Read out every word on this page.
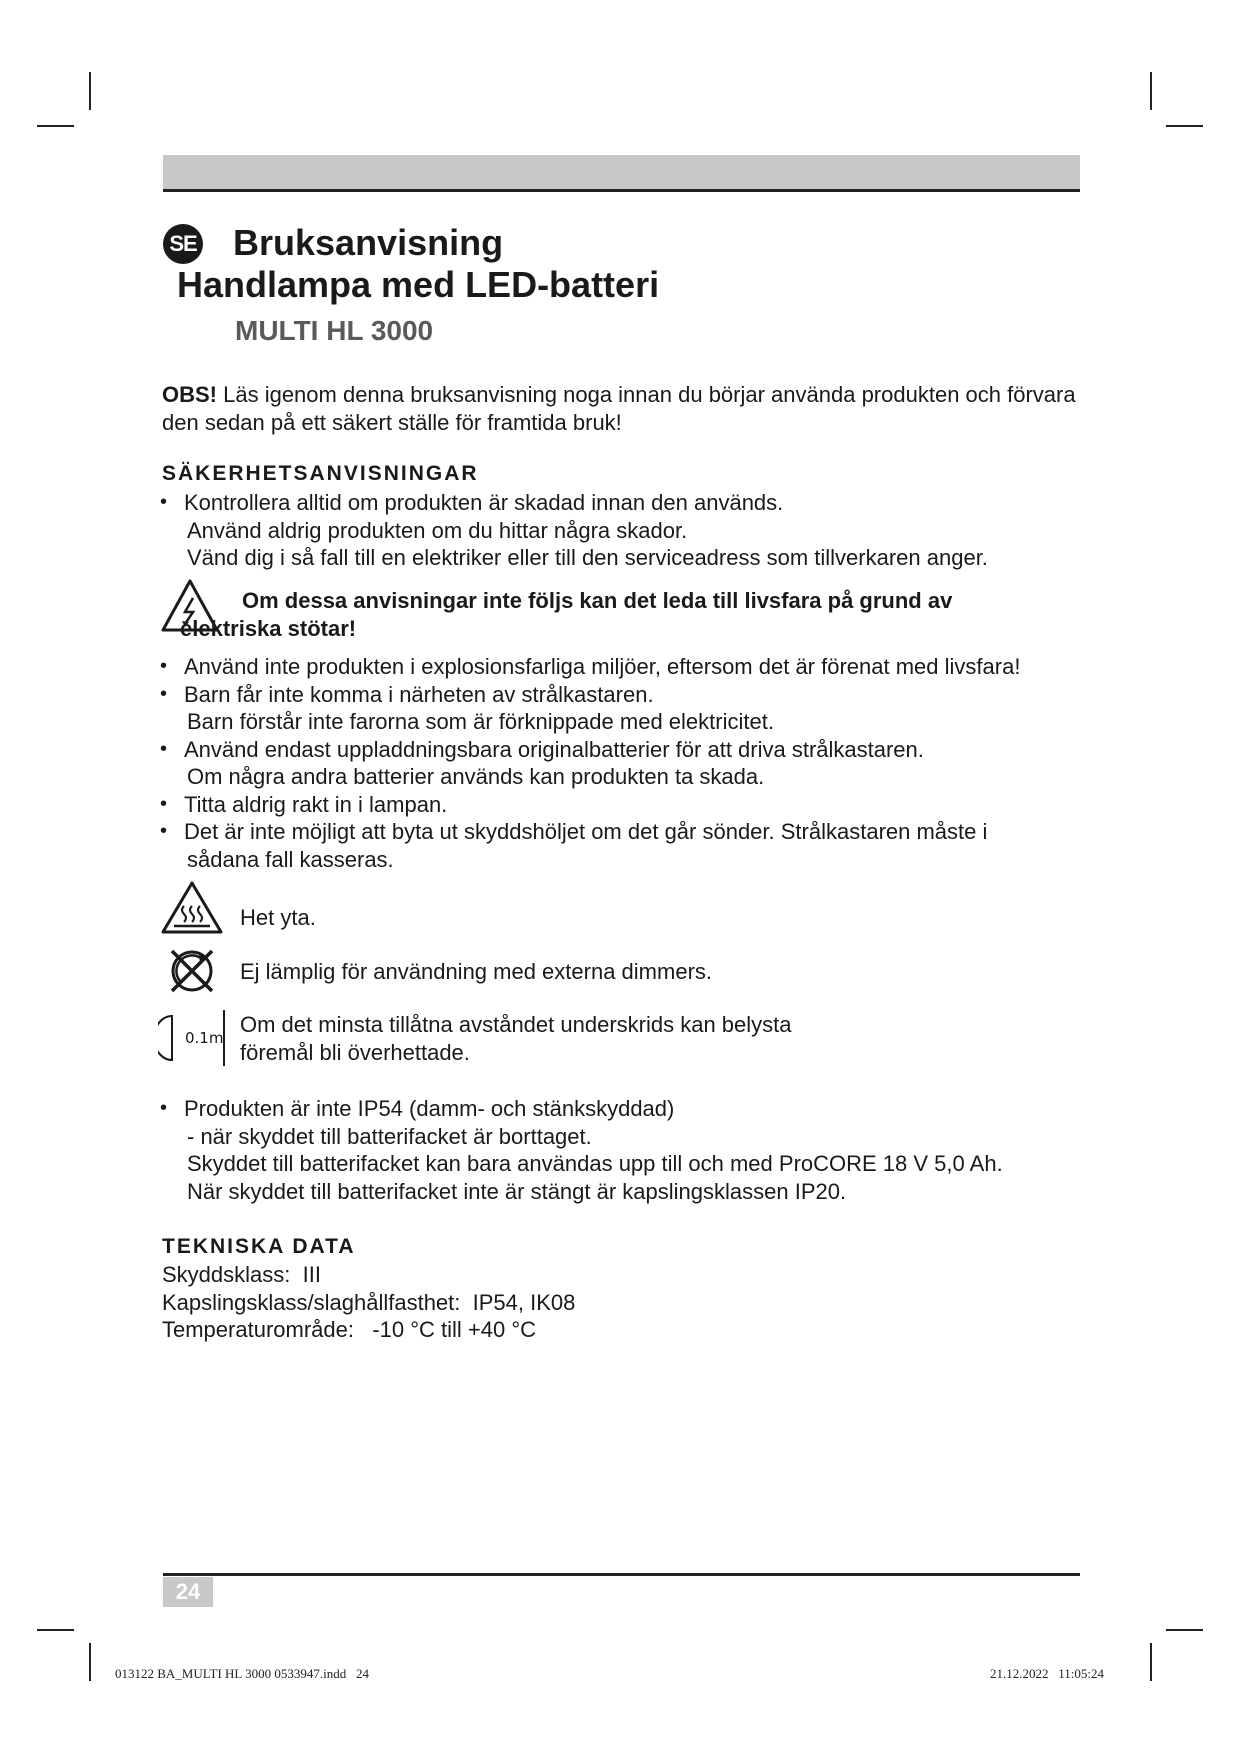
SE Bruksanvisning
Handlampa med LED-batteri
MULTI HL 3000

OBS! Läs igenom denna bruksanvisning noga innan du börjar använda produkten och förvara den sedan på ett säkert ställe för framtida bruk!

SÄKERHETSANVISNINGAR
• Kontrollera alltid om produkten är skadad innan den används.
Använd aldrig produkten om du hittar några skador.
Vänd dig i så fall till en elektriker eller till den serviceadress som tillverkaren anger.

Om dessa anvisningar inte följs kan det leda till livsfara på grund av elektriska stötar!

• Använd inte produkten i explosionsfarliga miljöer, eftersom det är förenat med livsfara!
• Barn får inte komma i närheten av strålkastaren.
Barn förstår inte farorna som är förknippade med elektricitet.
• Använd endast uppladdningsbara originalbatterier för att driva strålkastaren.
Om några andra batterier används kan produkten ta skada.
• Titta aldrig rakt in i lampan.
• Det är inte möjligt att byta ut skyddshöljet om det går sönder. Strålkastaren måste i
sådana fall kasseras.
Het yta.
Ej lämplig för användning med externa dimmers.
0.1m
Om det minsta tillåtna avståndet underskrids kan belysta
föremål bli överhettade.
• Produkten är inte IP54 (damm- och stänkskyddad)
- när skyddet till batterifacket är borttaget.
Skyddet till batterifacket kan bara användas upp till och med ProCORE 18 V 5,0 Ah.
När skyddet till batterifacket inte är stängt är kapslingsklassen IP20.
TEKNISKA DATA
Skyddsklass: III
Kapslingsklass/slaghållfasthet: IP54, IK08
Temperaturområde: -10 °C till +40 °C
24
013122 BA_MULTI HL 3000 0533947.indd   24	21.12.2022   11:05:24
